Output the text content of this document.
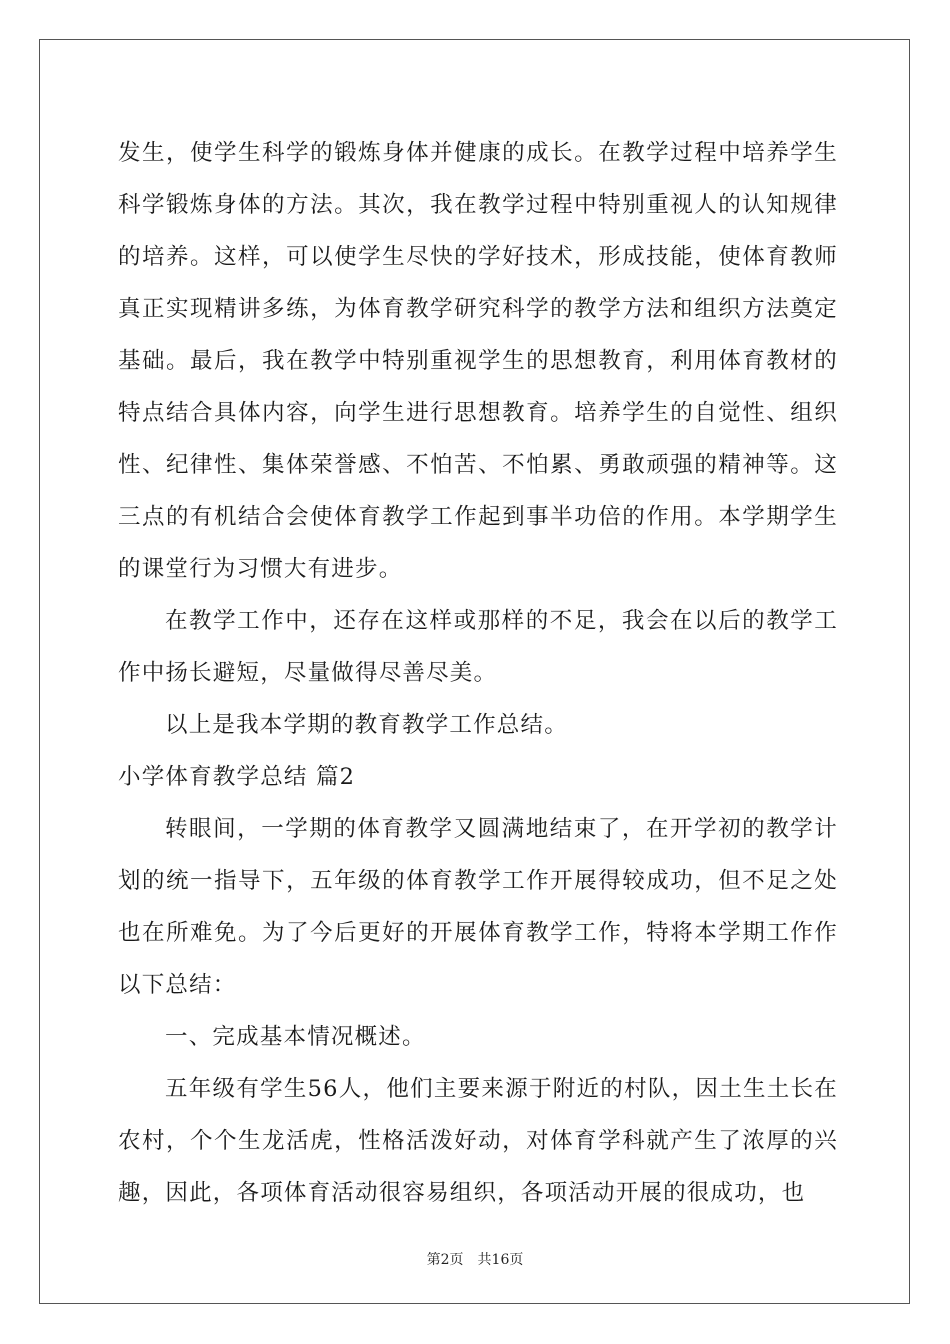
发生，使学生科学的锻炼身体并健康的成长。在教学过程中培养学生科学锻炼身体的方法。其次，我在教学过程中特别重视人的认知规律的培养。这样，可以使学生尽快的学好技术，形成技能，使体育教师真正实现精讲多练，为体育教学研究科学的教学方法和组织方法奠定基础。最后，我在教学中特别重视学生的思想教育，利用体育教材的特点结合具体内容，向学生进行思想教育。培养学生的自觉性、组织性、纪律性、集体荣誉感、不怕苦、不怕累、勇敢顽强的精神等。这三点的有机结合会使体育教学工作起到事半功倍的作用。本学期学生的课堂行为习惯大有进步。

在教学工作中，还存在这样或那样的不足，我会在以后的教学工作中扬长避短，尽量做得尽善尽美。

以上是我本学期的教育教学工作总结。

小学体育教学总结 篇2

转眼间，一学期的体育教学又圆满地结束了，在开学初的教学计划的统一指导下，五年级的体育教学工作开展得较成功，但不足之处也在所难免。为了今后更好的开展体育教学工作，特将本学期工作作以下总结：

一、完成基本情况概述。

五年级有学生56人，他们主要来源于附近的村队，因土生土长在农村，个个生龙活虎，性格活泼好动，对体育学科就产生了浓厚的兴趣，因此，各项体育活动很容易组织，各项活动开展的很成功，也

第2页 共16页
